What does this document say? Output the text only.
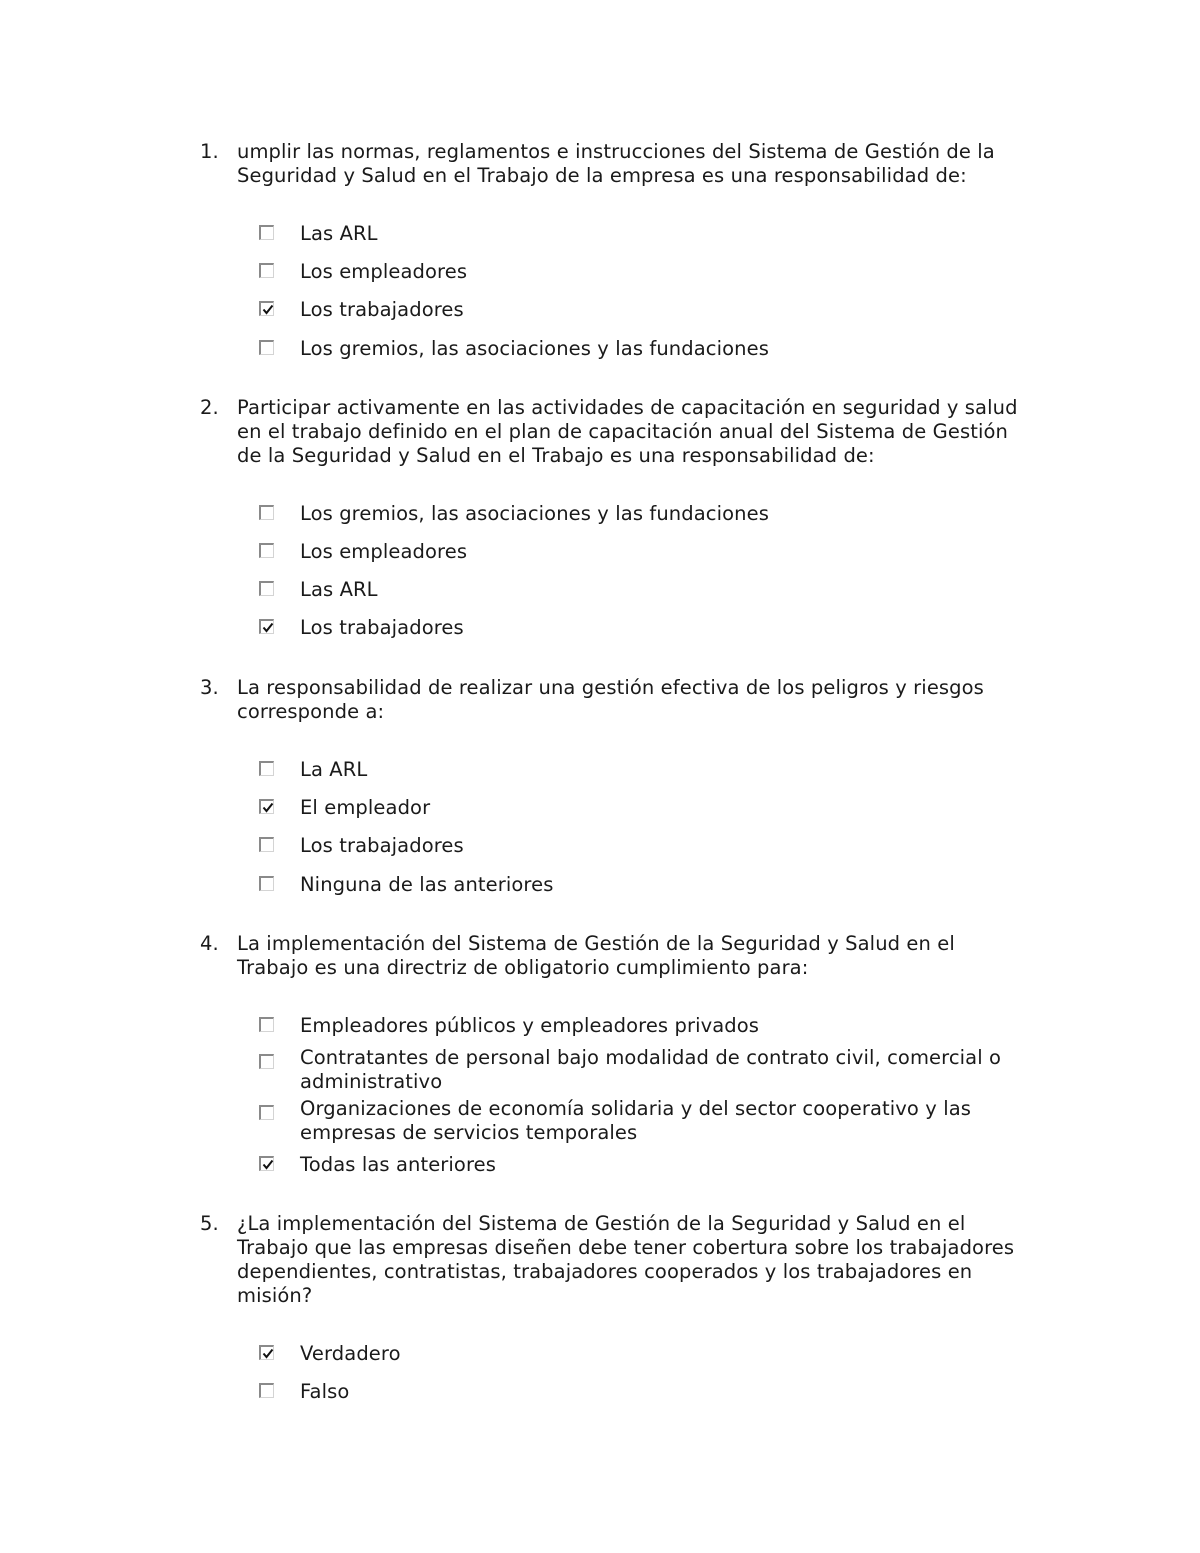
1. umplir las normas, reglamentos e instrucciones del Sistema de Gestión de la Seguridad y Salud en el Trabajo de la empresa es una responsabilidad de:
Las ARL
Los empleadores
Los trabajadores
Los gremios, las asociaciones y las fundaciones
2. Participar activamente en las actividades de capacitación en seguridad y salud en el trabajo definido en el plan de capacitación anual del Sistema de Gestión de la Seguridad y Salud en el Trabajo es una responsabilidad de:
Los gremios, las asociaciones y las fundaciones
Los empleadores
Las ARL
Los trabajadores
3. La responsabilidad de realizar una gestión efectiva de los peligros y riesgos corresponde a:
La ARL
El empleador
Los trabajadores
Ninguna de las anteriores
4. La implementación del Sistema de Gestión de la Seguridad y Salud en el Trabajo es una directriz de obligatorio cumplimiento para:
Empleadores públicos y empleadores privados
Contratantes de personal bajo modalidad de contrato civil, comercial o administrativo
Organizaciones de economía solidaria y del sector cooperativo y las empresas de servicios temporales
Todas las anteriores
5. ¿La implementación del Sistema de Gestión de la Seguridad y Salud en el Trabajo que las empresas diseñen debe tener cobertura sobre los trabajadores dependientes, contratistas, trabajadores cooperados y los trabajadores en misión?
Verdadero
Falso
